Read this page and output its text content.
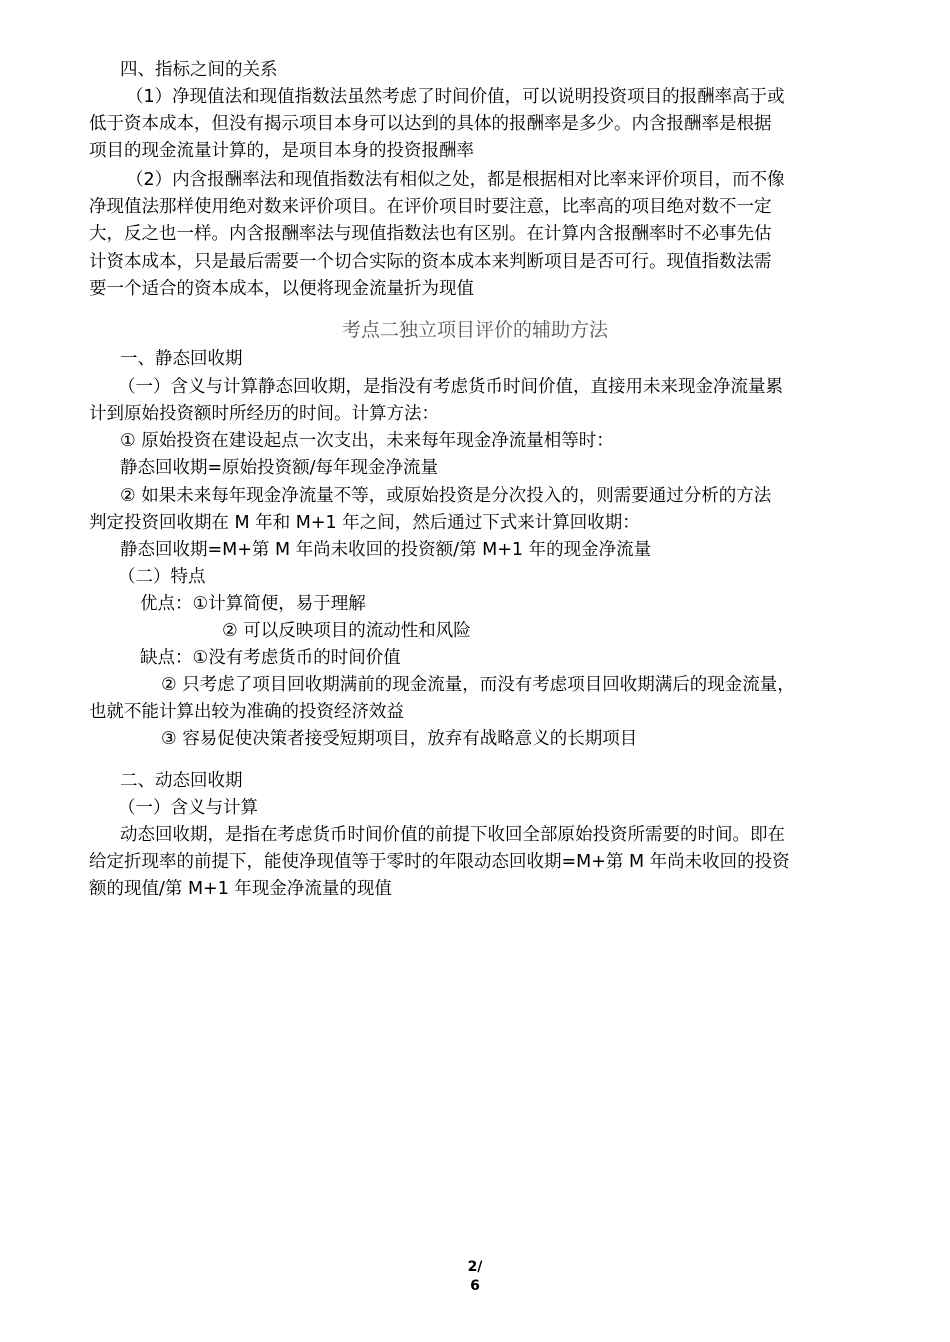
四、指标之间的关系
（1）净现值法和现值指数法虽然考虑了时间价值，可以说明投资项目的报酬率高于或
低于资本成本，但没有揭示项目本身可以达到的具体的报酬率是多少。内含报酬率是根据
项目的现金流量计算的，是项目本身的投资报酬率
（2）内含报酬率法和现值指数法有相似之处，都是根据相对比率来评价项目，而不像
净现值法那样使用绝对数来评价项目。在评价项目时要注意，比率高的项目绝对数不一定
大，反之也一样。内含报酬率法与现值指数法也有区别。在计算内含报酬率时不必事先估
计资本成本，只是最后需要一个切合实际的资本成本来判断项目是否可行。现值指数法需
要一个适合的资本成本，以便将现金流量折为现值
考点二独立项目评价的辅助方法
一、静态回收期
（一）含义与计算静态回收期，是指没有考虑货币时间价值，直接用未来现金净流量累
计到原始投资额时所经历的时间。计算方法：
① 原始投资在建设起点一次支出，未来每年现金净流量相等时：
静态回收期=原始投资额/每年现金净流量
② 如果未来每年现金净流量不等，或原始投资是分次投入的，则需要通过分析的方法
判定投资回收期在 M 年和 M+1 年之间，然后通过下式来计算回收期：
静态回收期=M+第 M 年尚未收回的投资额/第 M+1 年的现金净流量
（二）特点
优点：①计算简便，易于理解
② 可以反映项目的流动性和风险
缺点：①没有考虑货币的时间价值
② 只考虑了项目回收期满前的现金流量，而没有考虑项目回收期满后的现金流量，
也就不能计算出较为准确的投资经济效益
③ 容易促使决策者接受短期项目，放弃有战略意义的长期项目
二、动态回收期
（一）含义与计算
动态回收期，是指在考虑货币时间价值的前提下收回全部原始投资所需要的时间。即在
给定折现率的前提下，能使净现值等于零时的年限动态回收期=M+第 M 年尚未收回的投资
额的现值/第 M+1 年现金净流量的现值
2/
6
